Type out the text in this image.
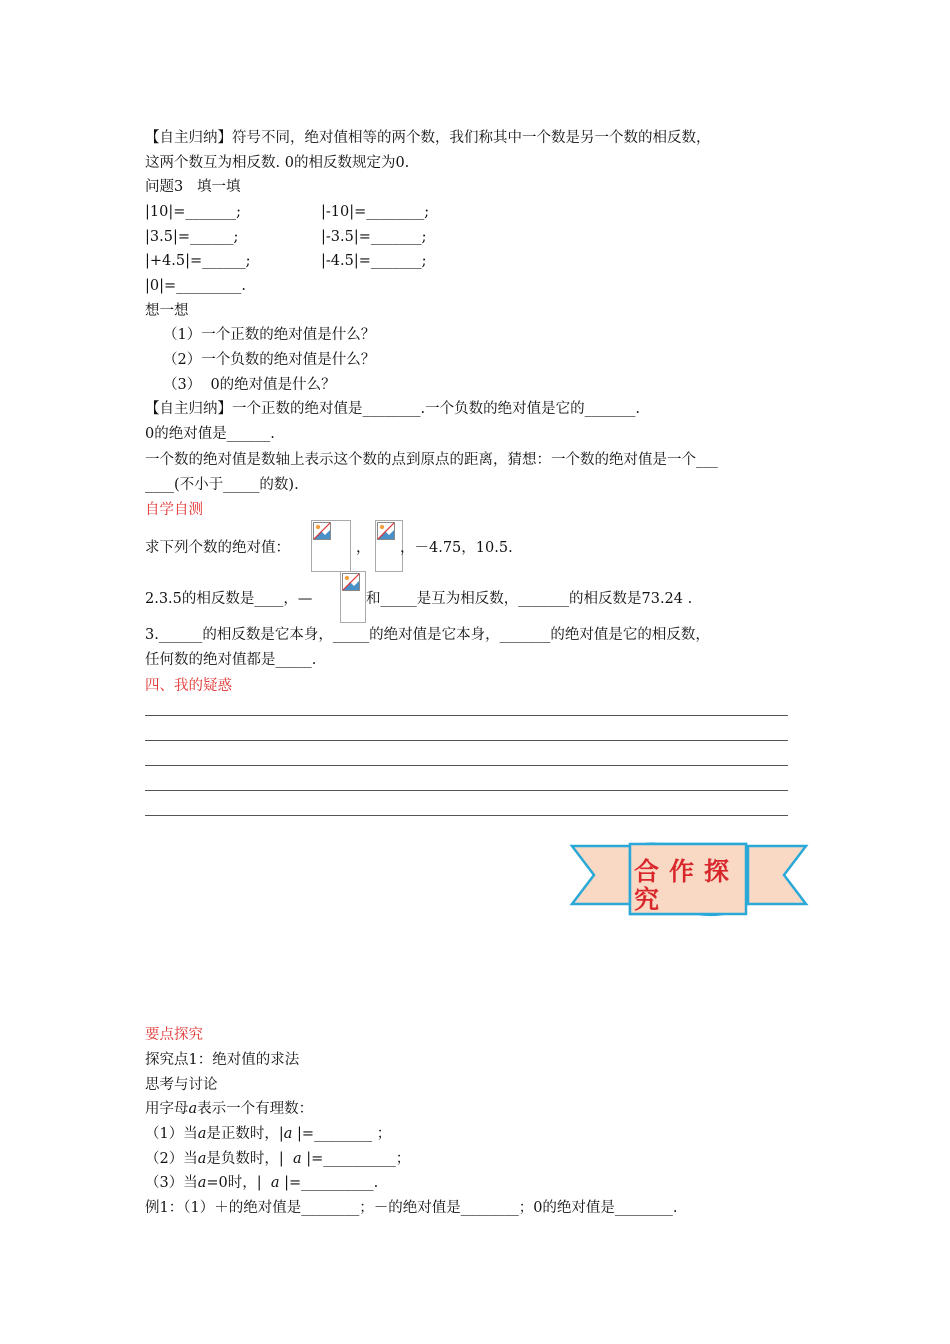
【自主归纳】符号不同，绝对值相等的两个数，我们称其中一个数是另一个数的相反数，
这两个数互为相反数. 0的相反数规定为0.
问题3   填一填
|10|=_______;	|-10|=________;
|3.5|=______;	|-3.5|=_______;
|+4.5|=______;	|-4.5|=_______;
|0|=_________.
想一想
（1）一个正数的绝对值是什么？
（2）一个负数的绝对值是什么？
（3）  0的绝对值是什么？
【自主归纳】一个正数的绝对值是________.一个负数的绝对值是它的_______.
0的绝对值是______.
一个数的绝对值是数轴上表示这个数的点到原点的距离，猜想：一个数的绝对值是一个___
____(不小于_____的数).
自学自测
求下列个数的绝对值：	， ，－4.75，10.5.
2.3.5的相反数是____，—	和_____是互为相反数，_______的相反数是73.24 .
3.______的相反数是它本身，_____的绝对值是它本身，_______的绝对值是它的相反数，
任何数的绝对值都是_____.
四、我的疑惑
合作探究
要点探究
探究点1：绝对值的求法
思考与讨论
用字母a表示一个有理数：
（1）当a是正数时，|a |=________ ；
（2）当a是负数时，|  a |=__________；
（3）当a=0时，|  a |=__________.
例1：（1）＋的绝对值是________；－的绝对值是________；0的绝对值是________.
